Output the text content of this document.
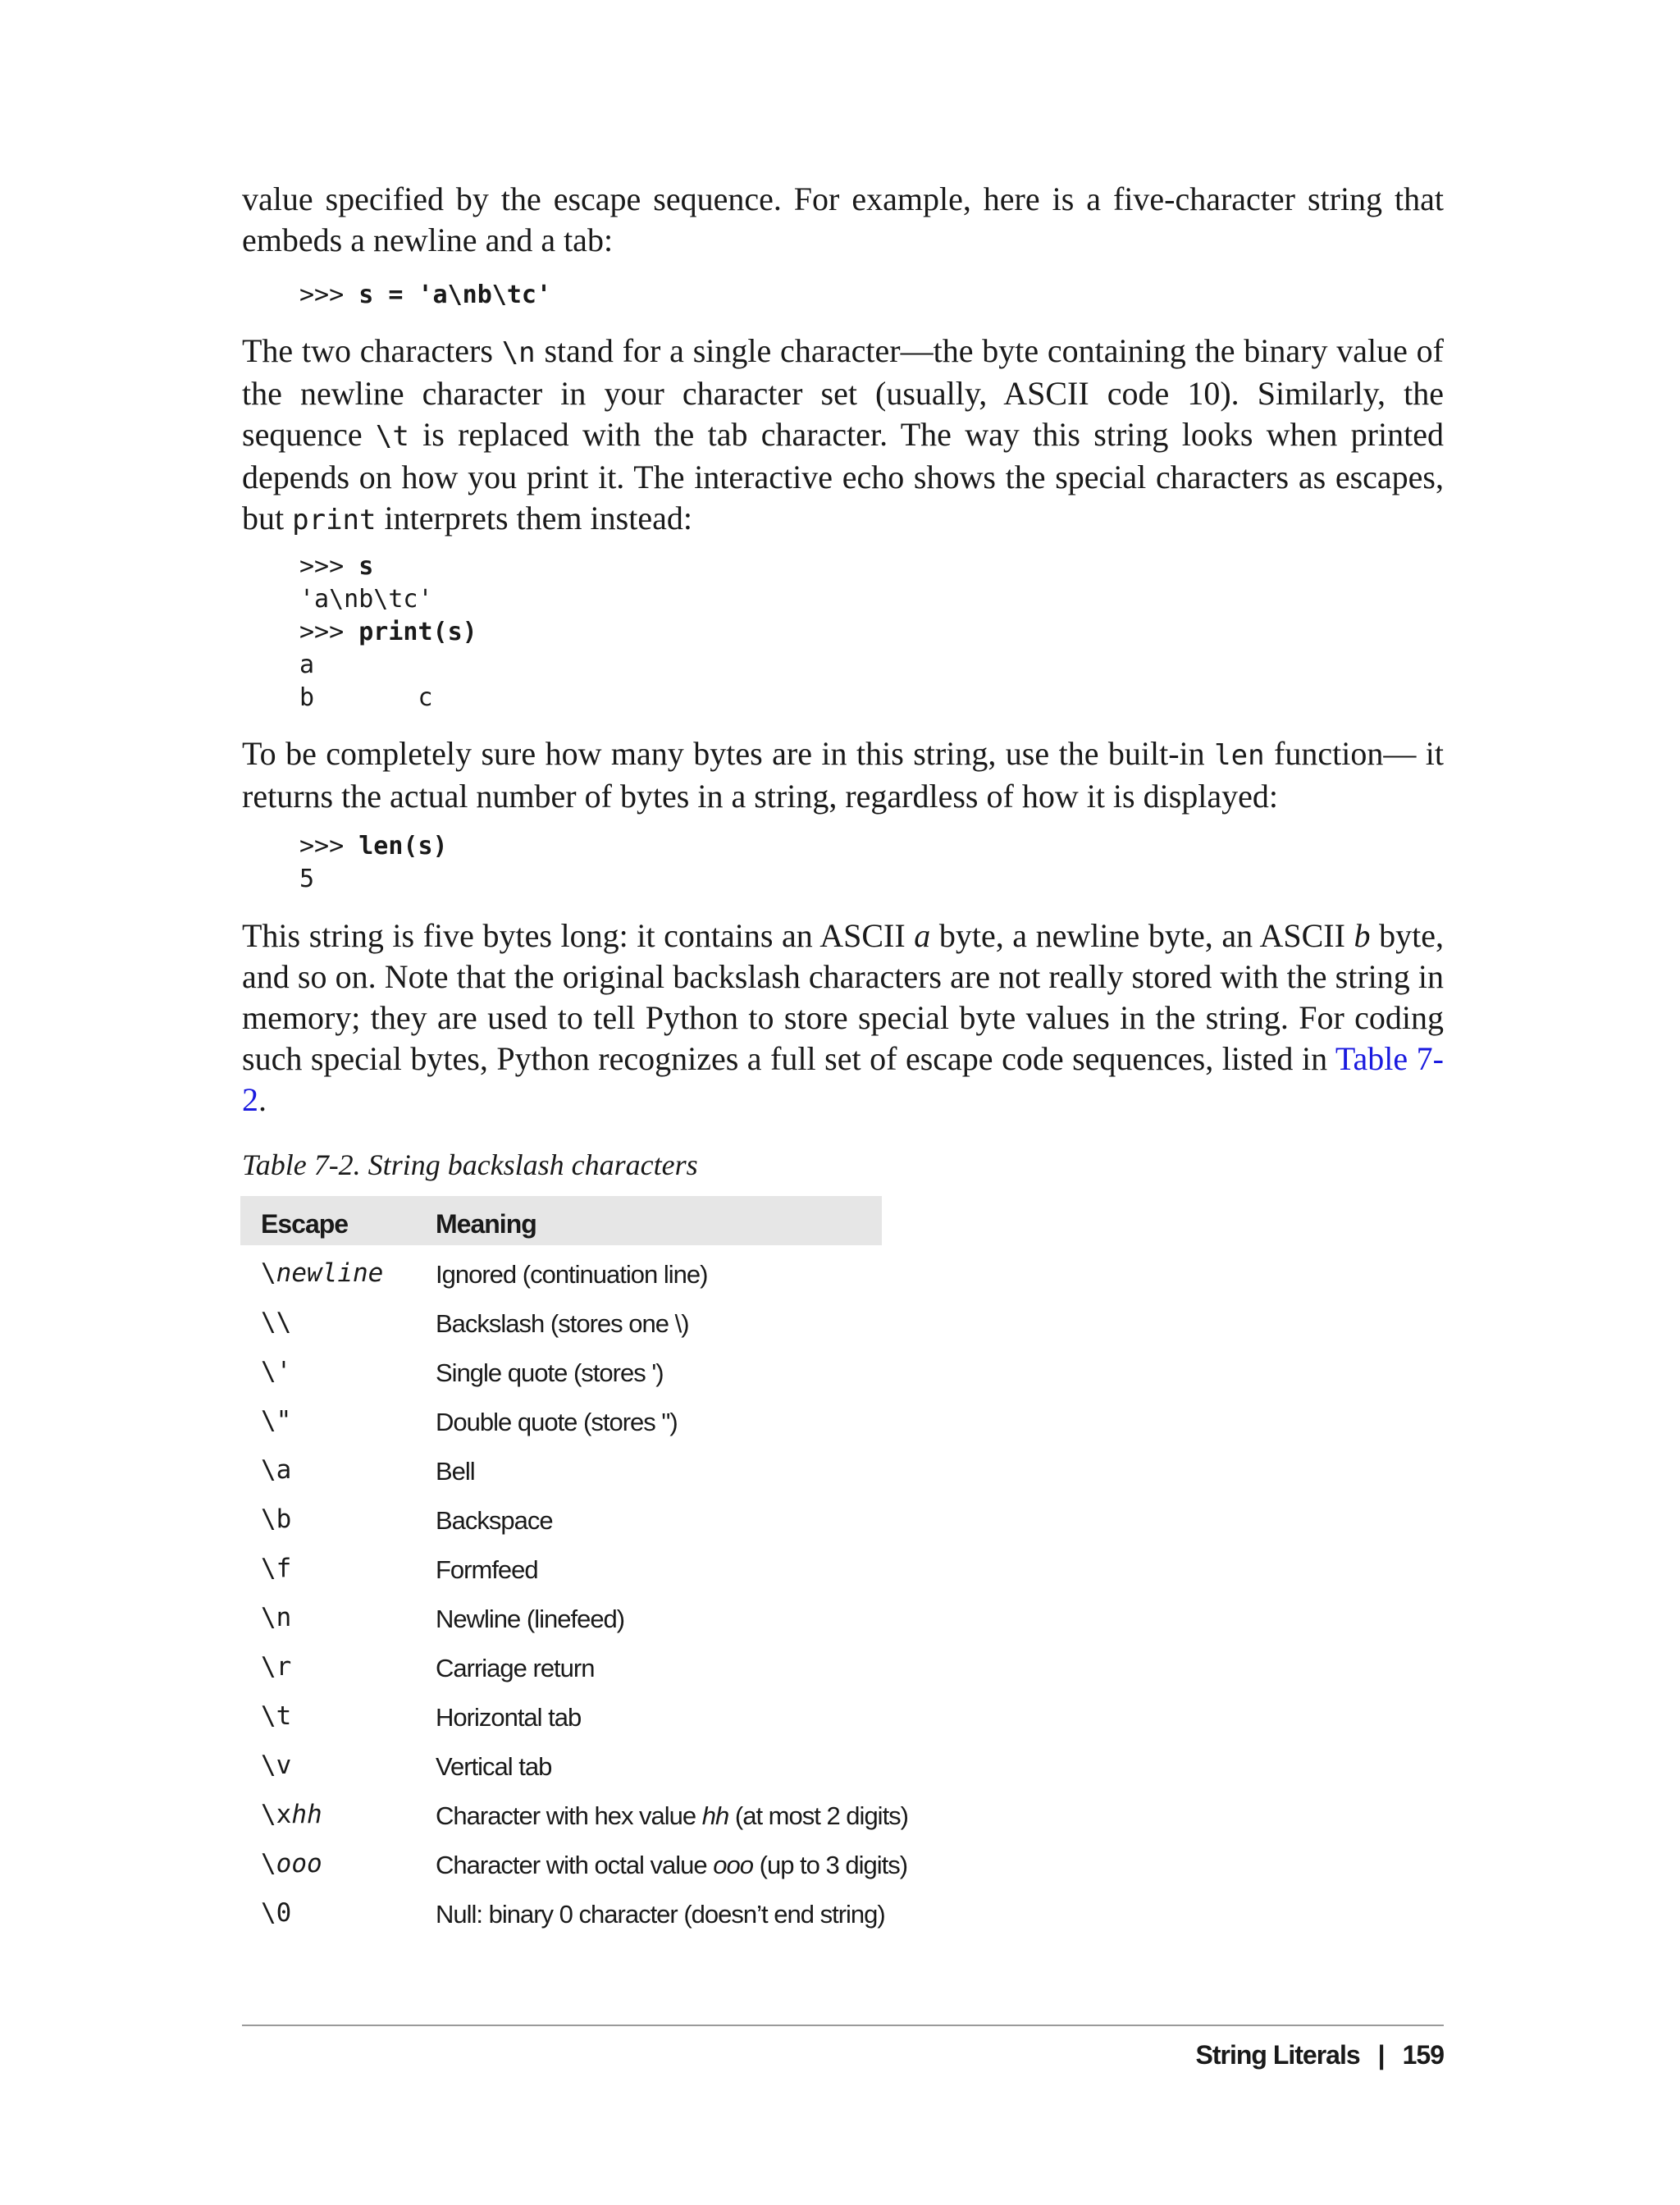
value specified by the escape sequence. For example, here is a five-character string that embeds a newline and a tab:

>>> s = 'a\nb\tc'

The two characters \n stand for a single character—the byte containing the binary value of the newline character in your character set (usually, ASCII code 10). Similarly, the sequence \t is replaced with the tab character. The way this string looks when printed depends on how you print it. The interactive echo shows the special characters as escapes, but print interprets them instead:

>>> s
'a\nb\tc'
>>> print(s)
a
b       c

To be completely sure how many bytes are in this string, use the built-in len function— it returns the actual number of bytes in a string, regardless of how it is displayed:

>>> len(s)
5

This string is five bytes long: it contains an ASCII a byte, a newline byte, an ASCII b byte, and so on. Note that the original backslash characters are not really stored with the string in memory; they are used to tell Python to store special byte values in the string. For coding such special bytes, Python recognizes a full set of escape code sequences, listed in Table 7-2.

Table 7-2. String backslash characters

Escape	Meaning
\newline Ignored (continuation line)
\\	Backslash (stores one \)
\'	Single quote (stores ')
\"	Double quote (stores ")
\a	Bell
\b	Backspace
\f	Formfeed
\n	Newline (linefeed)
\r	Carriage return
\t	Horizontal tab
\v	Vertical tab
\xhh	Character with hex value hh (at most 2 digits)
\ooo	Character with octal value ooo (up to 3 digits)
\0	Null: binary 0 character (doesn’t end string)
String Literals | 159
